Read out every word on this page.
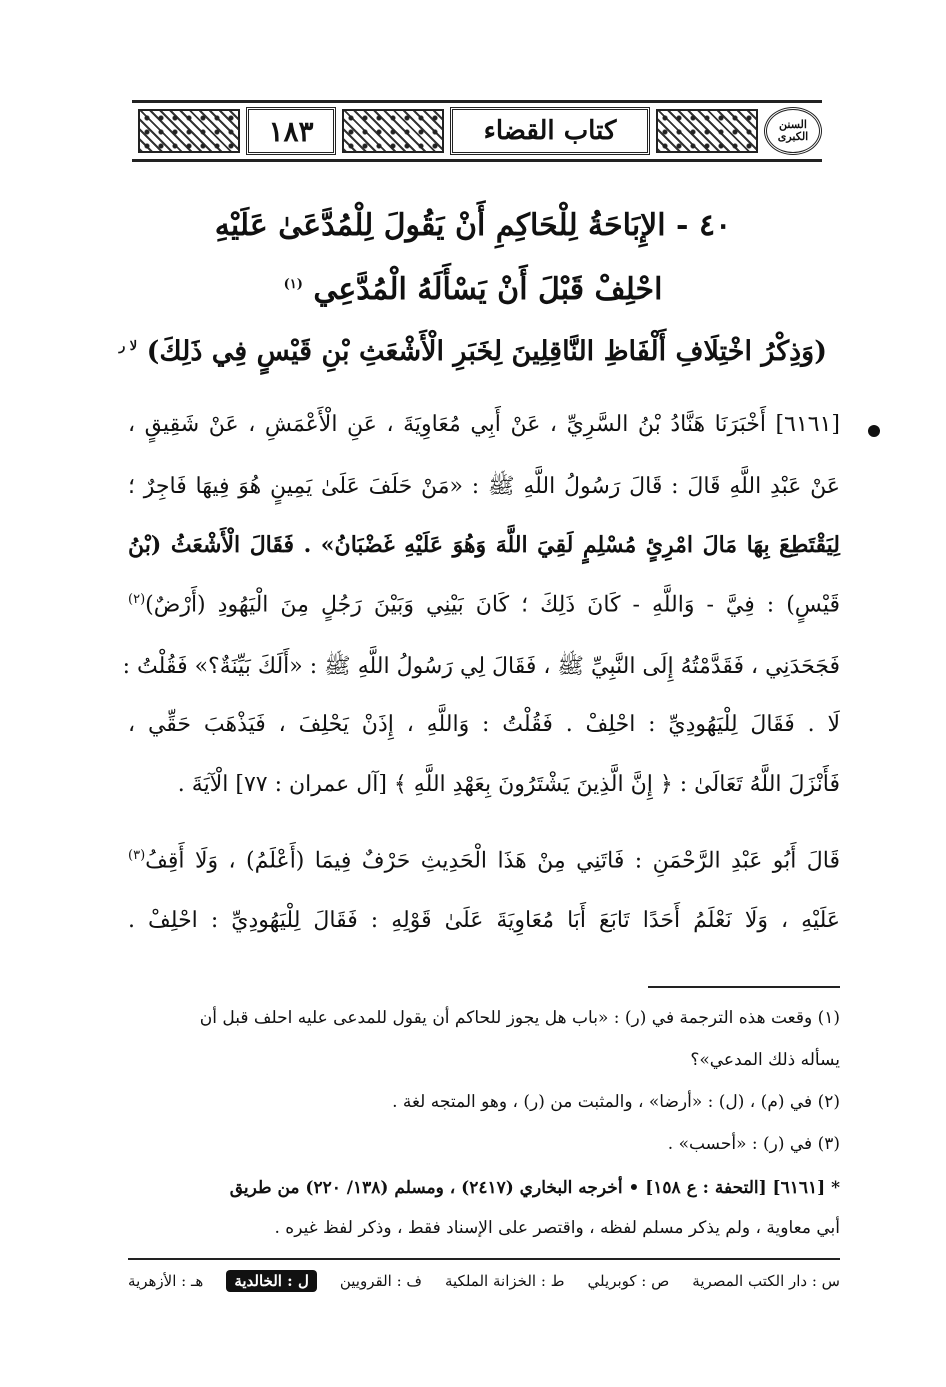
١٨٣	كتاب القضاء	السنن الكبرى
٤٠ - الإِبَاحَةُ لِلْحَاكِمِ أَنْ يَقُولَ لِلْمُدَّعَىٰ عَلَيْهِ
احْلِفْ قَبْلَ أَنْ يَسْأَلَهُ الْمُدَّعِي $^{(١)}$
(وَذِكْرُ اخْتِلَافِ أَلْفَاظِ النَّاقِلِينَ لِخَبَرِ الْأَشْعَثِ بْنِ قَيْسٍ فِي ذَلِكَ) $^{لا ر}$
[٦١٦١] أَخْبَرَنَا هَنَّادُ بْنُ السَّرِيِّ ، عَنْ أَبِي مُعَاوِيَةَ ، عَنِ الْأَعْمَشِ ، عَنْ شَقِيقٍ ،
عَنْ عَبْدِ اللَّهِ قَالَ : قَالَ رَسُولُ اللَّهِ ﷺ : «مَنْ حَلَفَ عَلَىٰ يَمِينٍ هُوَ فِيهَا فَاجِرٌ ؛
لِيَقْتَطِعَ بِهَا مَالَ امْرِئٍ مُسْلِمٍ لَقِيَ اللَّهَ وَهُوَ عَلَيْهِ غَضْبَانُ» . فَقَالَ الْأَشْعَثُ (بْنُ
قَيْسٍ) : فِيَّ - وَاللَّهِ - كَانَ ذَلِكَ ؛ كَانَ بَيْنِي وَبَيْنَ رَجُلٍ مِنَ الْيَهُودِ (أَرْضٌ)$^{(٢)}$
فَجَحَدَنِي ، فَقَدَّمْتُهُ إِلَى النَّبِيِّ ﷺ ، فَقَالَ لِي رَسُولُ اللَّهِ ﷺ : «أَلَكَ بَيِّنَةٌ؟» فَقُلْتُ :
لَا . فَقَالَ لِلْيَهُودِيِّ : احْلِفْ . فَقُلْتُ : وَاللَّهِ ، إِذَنْ يَحْلِفَ ، فَيَذْهَبَ حَقِّي ،
فَأَنْزَلَ اللَّهُ تَعَالَىٰ : ﴿ إِنَّ الَّذِينَ يَشْتَرُونَ بِعَهْدِ اللَّهِ ﴾ [آل عمران : ٧٧] الْآيَةَ .
قَالَ أَبُو عَبْدِ الرَّحْمَنِ : فَاتَنِي مِنْ هَذَا الْحَدِيثِ حَرْفٌ فِيمَا (أَعْلَمُ) ، وَلَا أَقِفُ$^{(٣)}$
عَلَيْهِ ، وَلَا نَعْلَمُ أَحَدًا تَابَعَ أَبَا مُعَاوِيَةَ عَلَىٰ قَوْلِهِ : فَقَالَ لِلْيَهُودِيِّ : احْلِفْ .
(١) وقعت هذه الترجمة في (ر) : «باب هل يجوز للحاكم أن يقول للمدعى عليه احلف قبل أن
يسأله ذلك المدعي»؟
(٢) في (م) ، (ل) : «أرضا» ، والمثبت من (ر) ، وهو المتجه لغة .
(٣) في (ر) : «أحسب» .
* [٦١٦١] [التحفة : ع ١٥٨] • أخرجه البخاري (٢٤١٧) ، ومسلم (١٣٨/ ٢٢٠) من طريق
أبي معاوية ، ولم يذكر مسلم لفظه ، واقتصر على الإسناد فقط ، وذكر لفظ غيره .
س : دار الكتب المصرية
ص : كوبريلي
ط : الخزانة الملكية
ف : القرويين
ل : الخالدية
هـ : الأزهرية
